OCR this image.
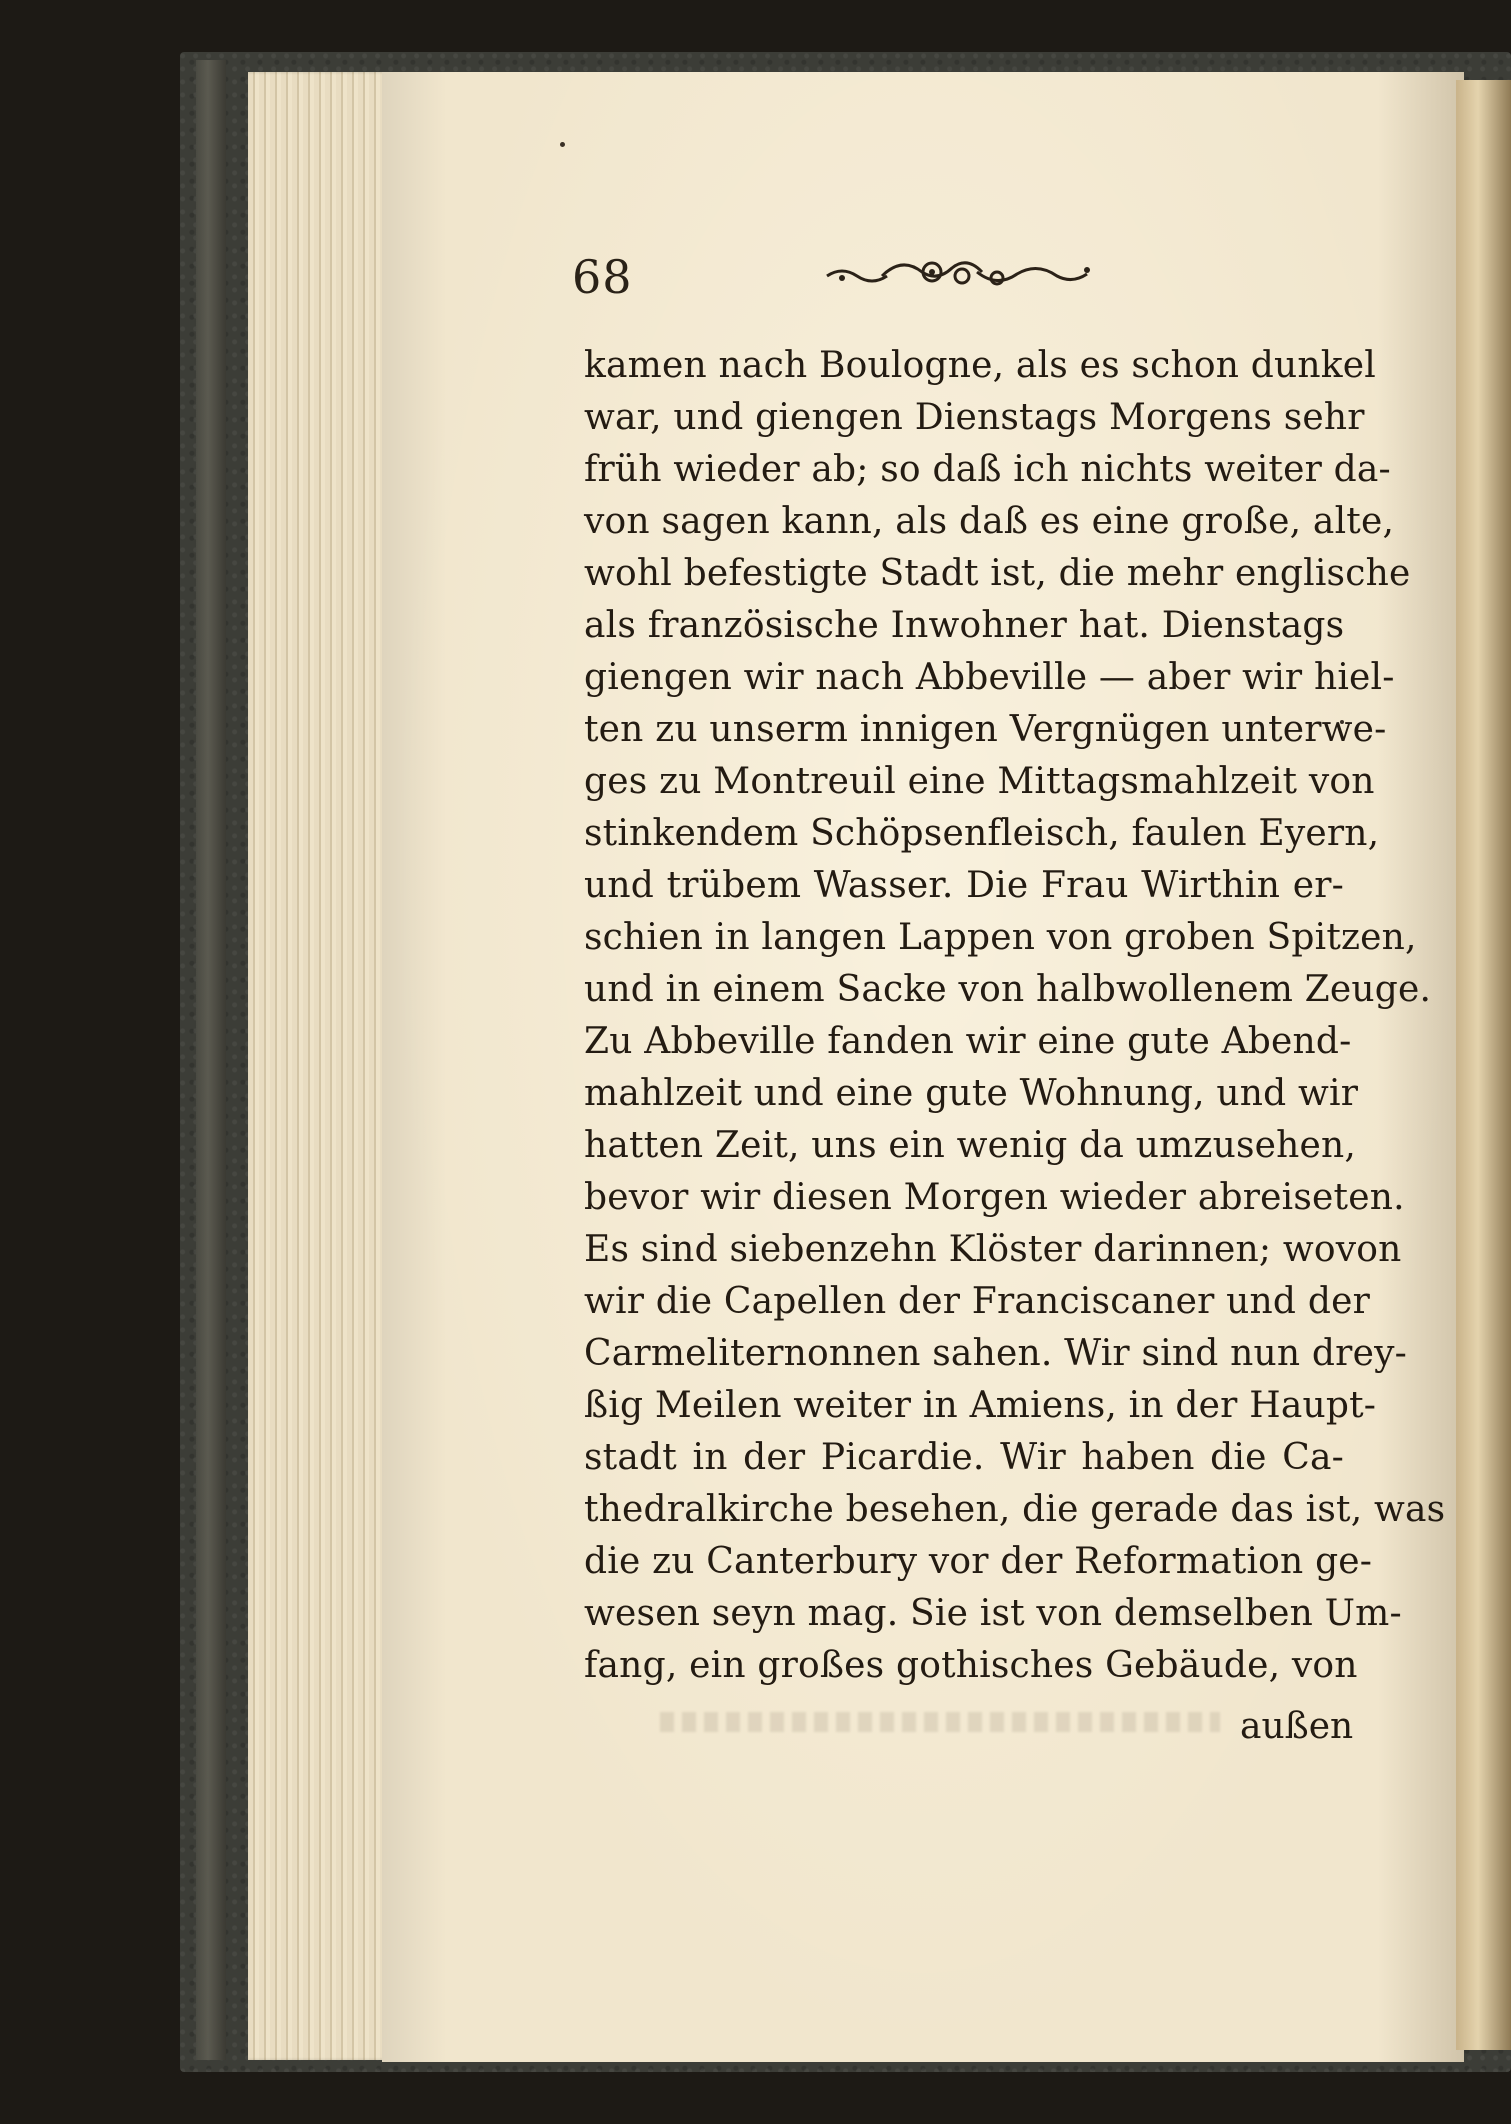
68
kamen nach Boulogne, als es schon dunkel
war, und giengen Dienstags Morgens sehr
früh wieder ab; so daß ich nichts weiter da-
von sagen kann, als daß es eine große, alte,
wohl befestigte Stadt ist, die mehr englische
als französische Inwohner hat. Dienstags
giengen wir nach Abbeville — aber wir hiel-
ten zu unserm innigen Vergnügen unterwe-
ges zu Montreuil eine Mittagsmahlzeit von
stinkendem Schöpsenfleisch, faulen Eyern,
und trübem Wasser. Die Frau Wirthin er-
schien in langen Lappen von groben Spitzen,
und in einem Sacke von halbwollenem Zeuge.
Zu Abbeville fanden wir eine gute Abend-
mahlzeit und eine gute Wohnung, und wir
hatten Zeit, uns ein wenig da umzusehen,
bevor wir diesen Morgen wieder abreiseten.
Es sind siebenzehn Klöster darinnen; wovon
wir die Capellen der Franciscaner und der
Carmeliternonnen sahen. Wir sind nun drey-
ßig Meilen weiter in Amiens, in der Haupt-
stadt in der Picardie. Wir haben die Ca-
thedralkirche besehen, die gerade das ist, was
die zu Canterbury vor der Reformation ge-
wesen seyn mag. Sie ist von demselben Um-
fang, ein großes gothisches Gebäude, von
außen
